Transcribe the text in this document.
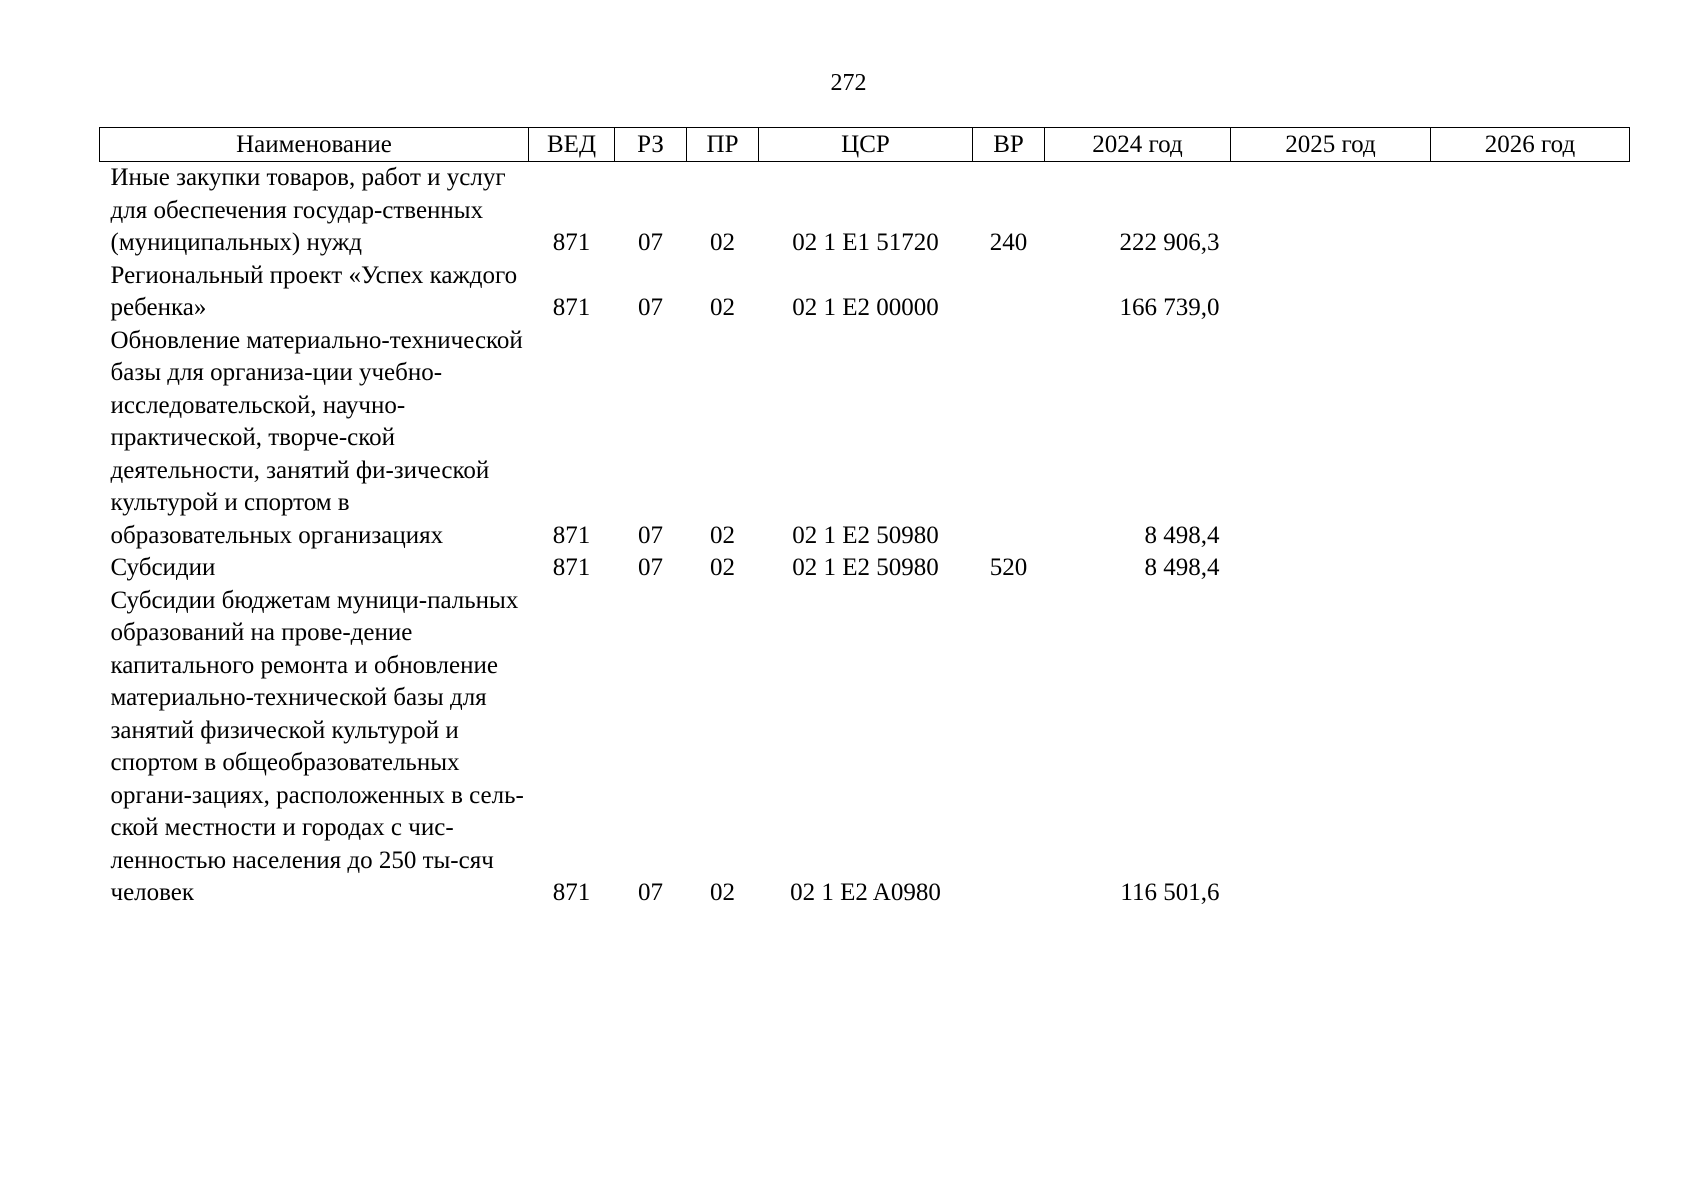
272
Наименование	ВЕД	РЗ	ПР	ЦСР	ВР	2024 год	2025 год	2026 год
Иные закупки товаров, работ и услуг для обеспечения государ-ственных (муниципальных) нужд	871	07	02	02 1 E1 51720	240	222 906,3		
Региональный проект «Успех каждого ребенка»	871	07	02	02 1 E2 00000		166 739,0		
Обновление материально-технической базы для организа-ции учебно-исследовательской, научно-практической, творче-ской деятельности, занятий фи-зической культурой и спортом в образовательных организациях	871	07	02	02 1 E2 50980		8 498,4		
Субсидии	871	07	02	02 1 E2 50980	520	8 498,4		
Субсидии бюджетам муници-пальных образований на прове-дение капитального ремонта и обновление материально-технической базы для занятий физической культурой и спортом в общеобразовательных органи-зациях, расположенных в сель-ской местности и городах с чис-ленностью населения до 250 ты-сяч человек	871	07	02	02 1 E2 A0980		116 501,6		
